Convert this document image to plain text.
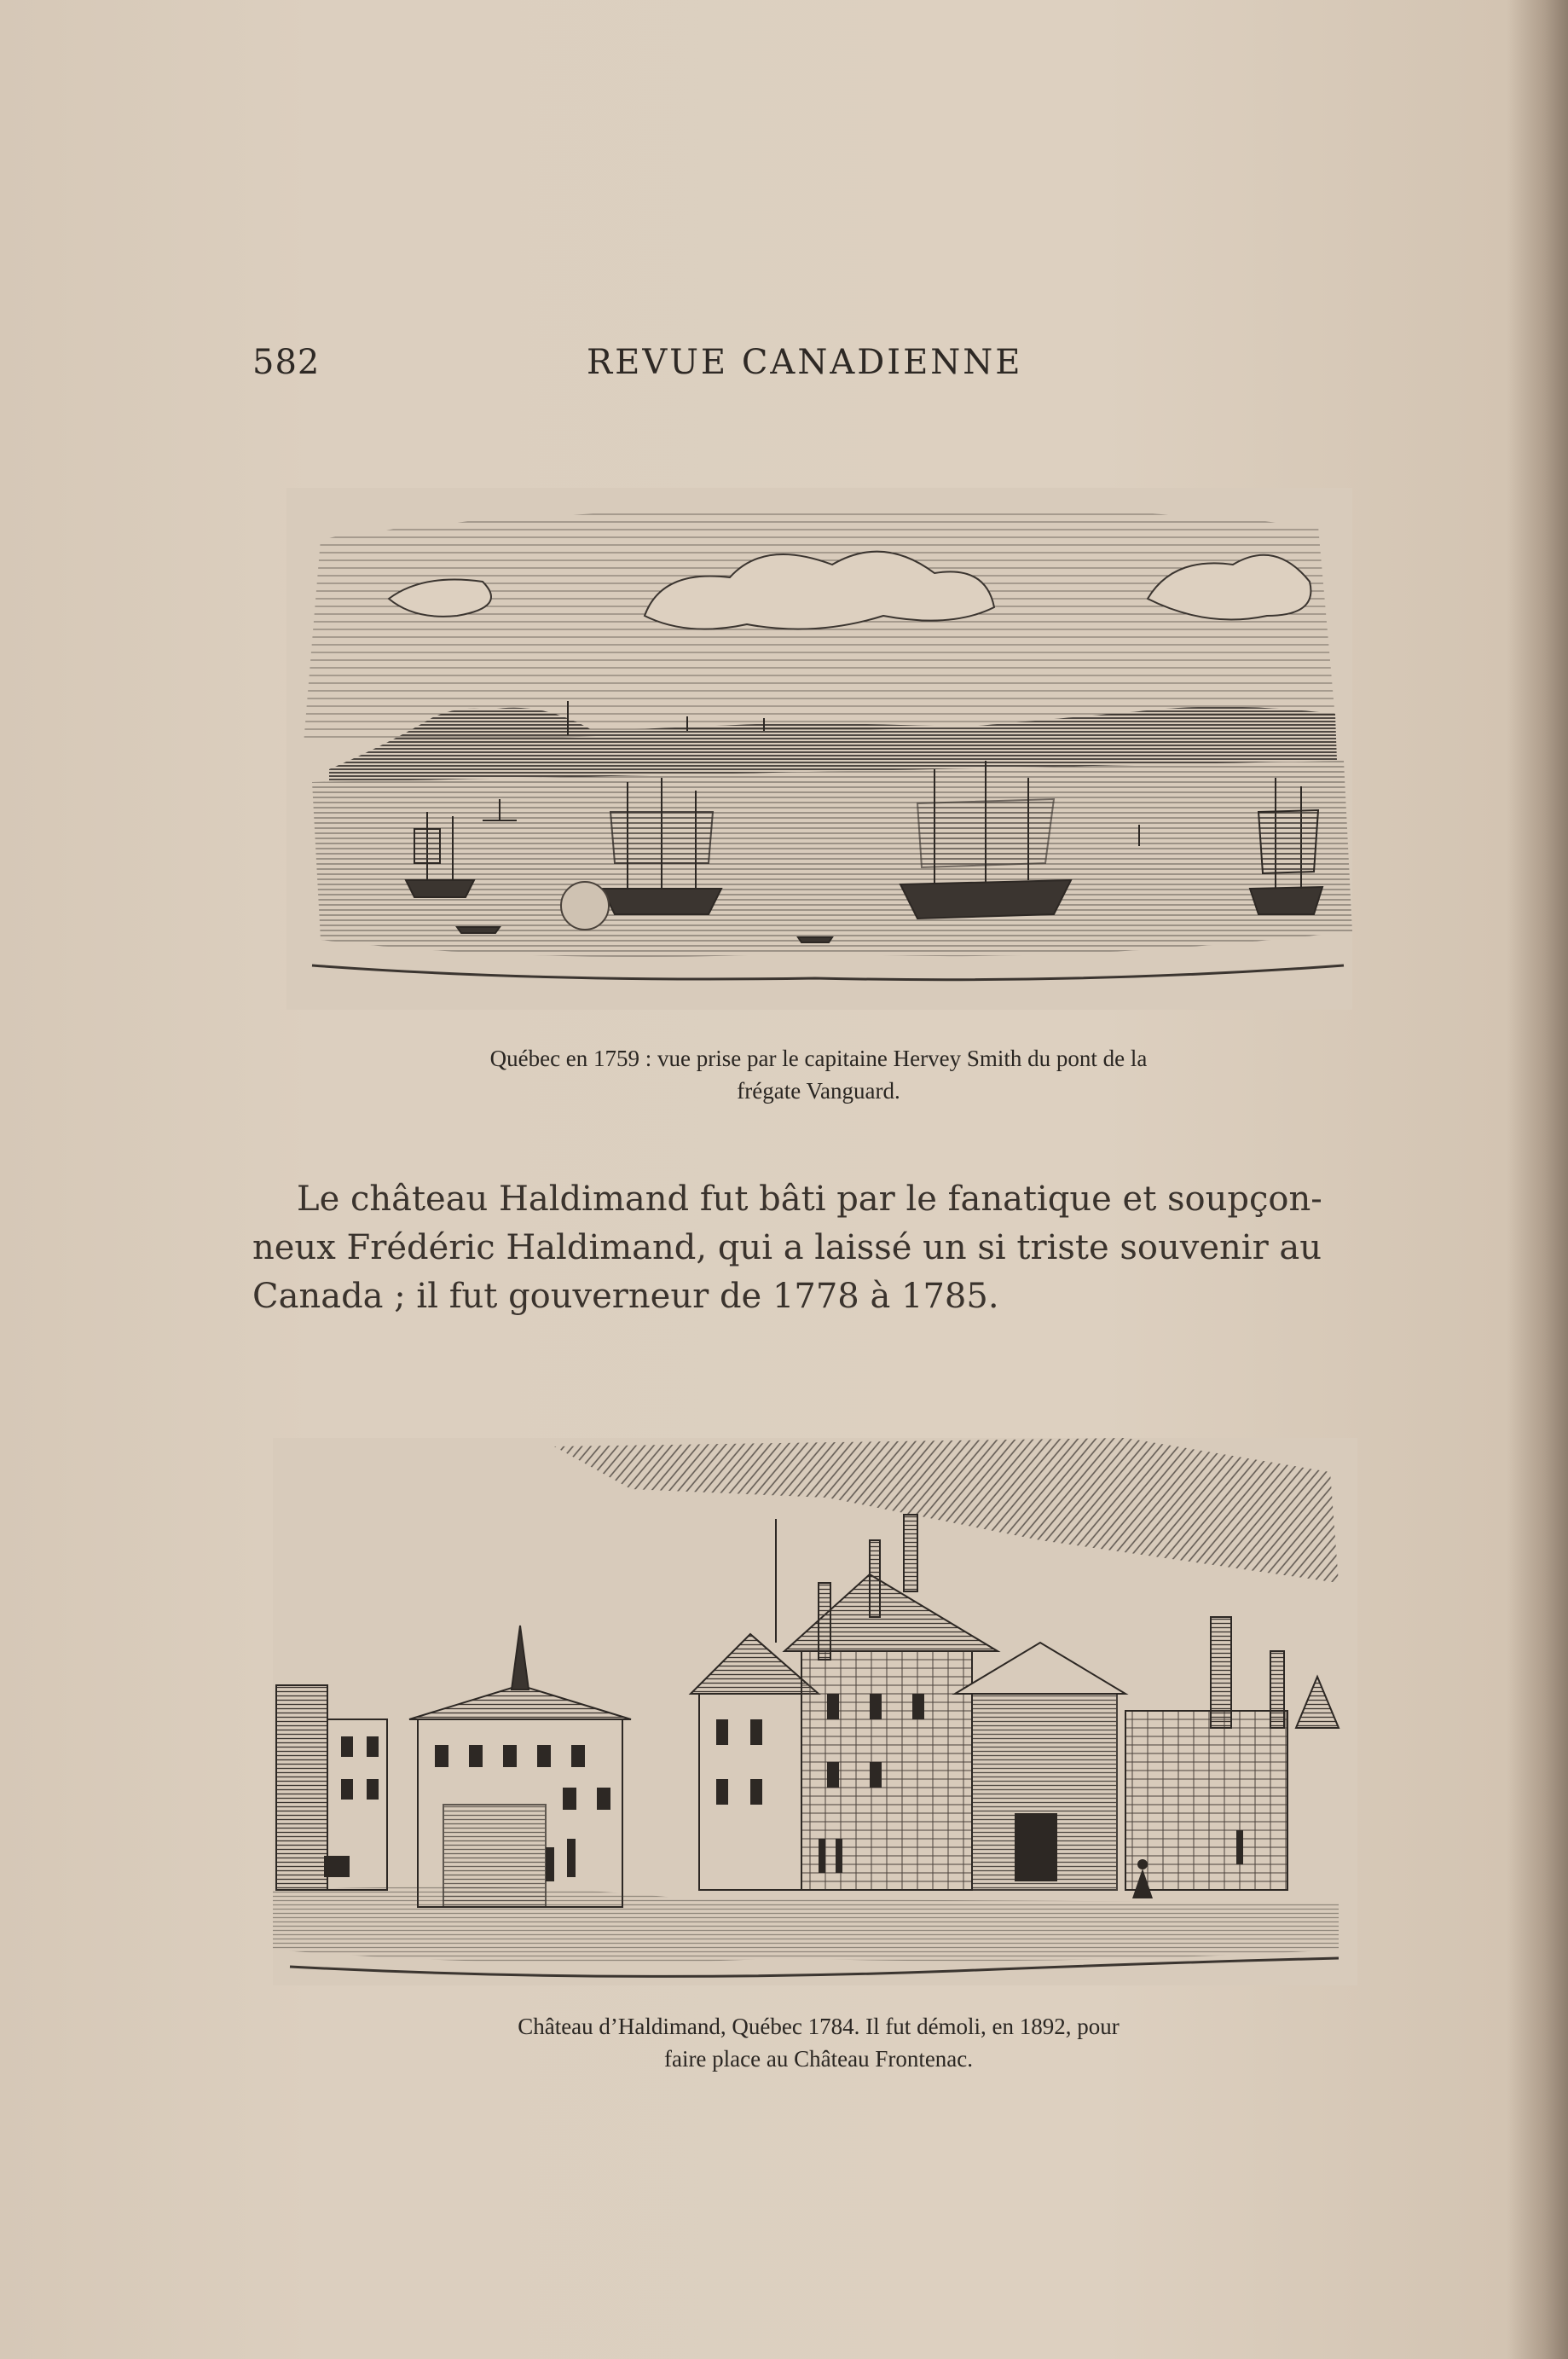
582	REVUE CANADIENNE
Québec en 1759 : vue prise par le capitaine Hervey Smith du pont de la
frégate Vanguard.
Le château Haldimand fut bâti par le fanatique et soupçon-
neux Frédéric Haldimand, qui a laissé un si triste souvenir au
Canada ; il fut gouverneur de 1778 à 1785.
Château d’Haldimand, Québec 1784. Il fut démoli, en 1892, pour
faire place au Château Frontenac.
